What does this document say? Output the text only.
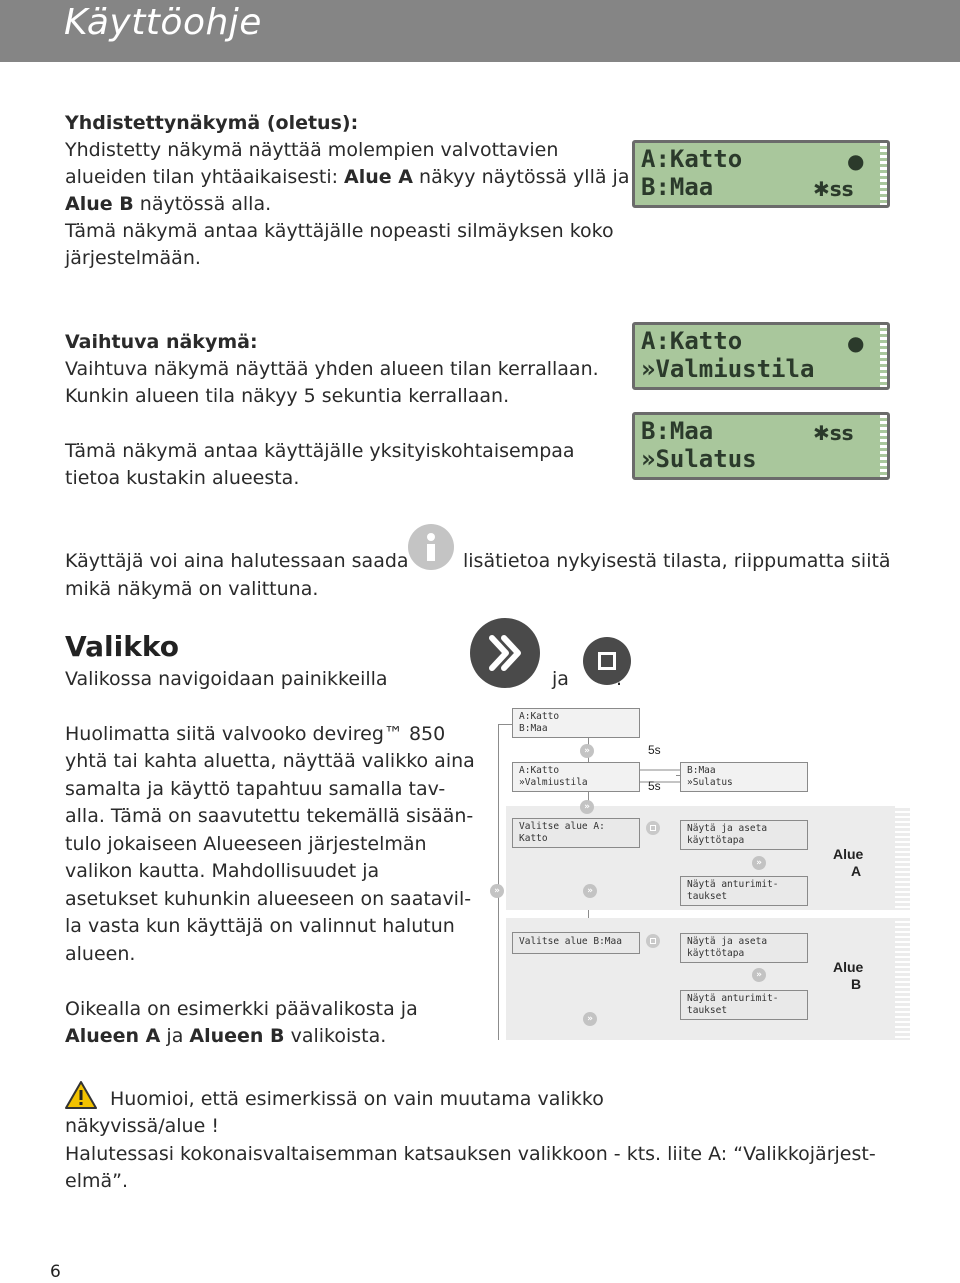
Käyttöohje
Yhdistettynäkymä (oletus):
Yhdistetty näkymä näyttää molempien valvottavien
alueiden tilan yhtäaikaisesti: Alue A näkyy näytössä yllä ja
Alue B näytössä alla.
Tämä näkymä antaa käyttäjälle nopeasti silmäyksen koko
järjestelmään.
A:Katto
B:Maa
●
✱ss
Vaihtuva näkymä:
Vaihtuva näkymä näyttää yhden alueen tilan kerrallaan.
Kunkin alueen tila näkyy 5 sekuntia kerrallaan.
Tämä näkymä antaa käyttäjälle yksityiskohtaisempaa
tietoa kustakin alueesta.
A:Katto
»Valmiustila
●
B:Maa
»Sulatus
✱ss
Käyttäjä voi aina halutessaan saada	lisätietoa nykyisestä tilasta, riippumatta siitä
mikä näkymä on valittuna.
Valikko
Valikossa navigoidaan painikkeilla	ja .
Huolimatta siitä valvooko devireg™ 850
yhtä tai kahta aluetta, näyttää valikko aina
samalta ja käyttö tapahtuu samalla tav-
alla. Tämä on saavutettu tekemällä sisään-
tulo jokaiseen Alueeseen järjestelmän
valikon kautta. Mahdollisuudet ja
asetukset kuhunkin alueeseen on saatavil-
la vasta kun käyttäjä on valinnut halutun
alueen.
Oikealla on esimerkki päävalikosta ja
Alueen A ja Alueen B valikoista.
A:Katto
B:Maa
»	5s
A:Katto
»Valmiustila	5s
B:Maa
»Sulatus
»
Valitse alue A:
Katto
Näytä ja aseta
käyttötapa
»
Näytä anturimit-
taukset
Alue
A
»	»
Valitse alue B:Maa	Näytä ja aseta
käyttötapa
»
Näytä anturimit-
taukset
Alue
B
»
Huomioi, että esimerkissä on vain muutama valikko
näkyvissä/alue !
Halutessasi kokonaisvaltaisemman katsauksen valikkoon - kts. liite A: “Valikkojärjest-
elmä”.
6
